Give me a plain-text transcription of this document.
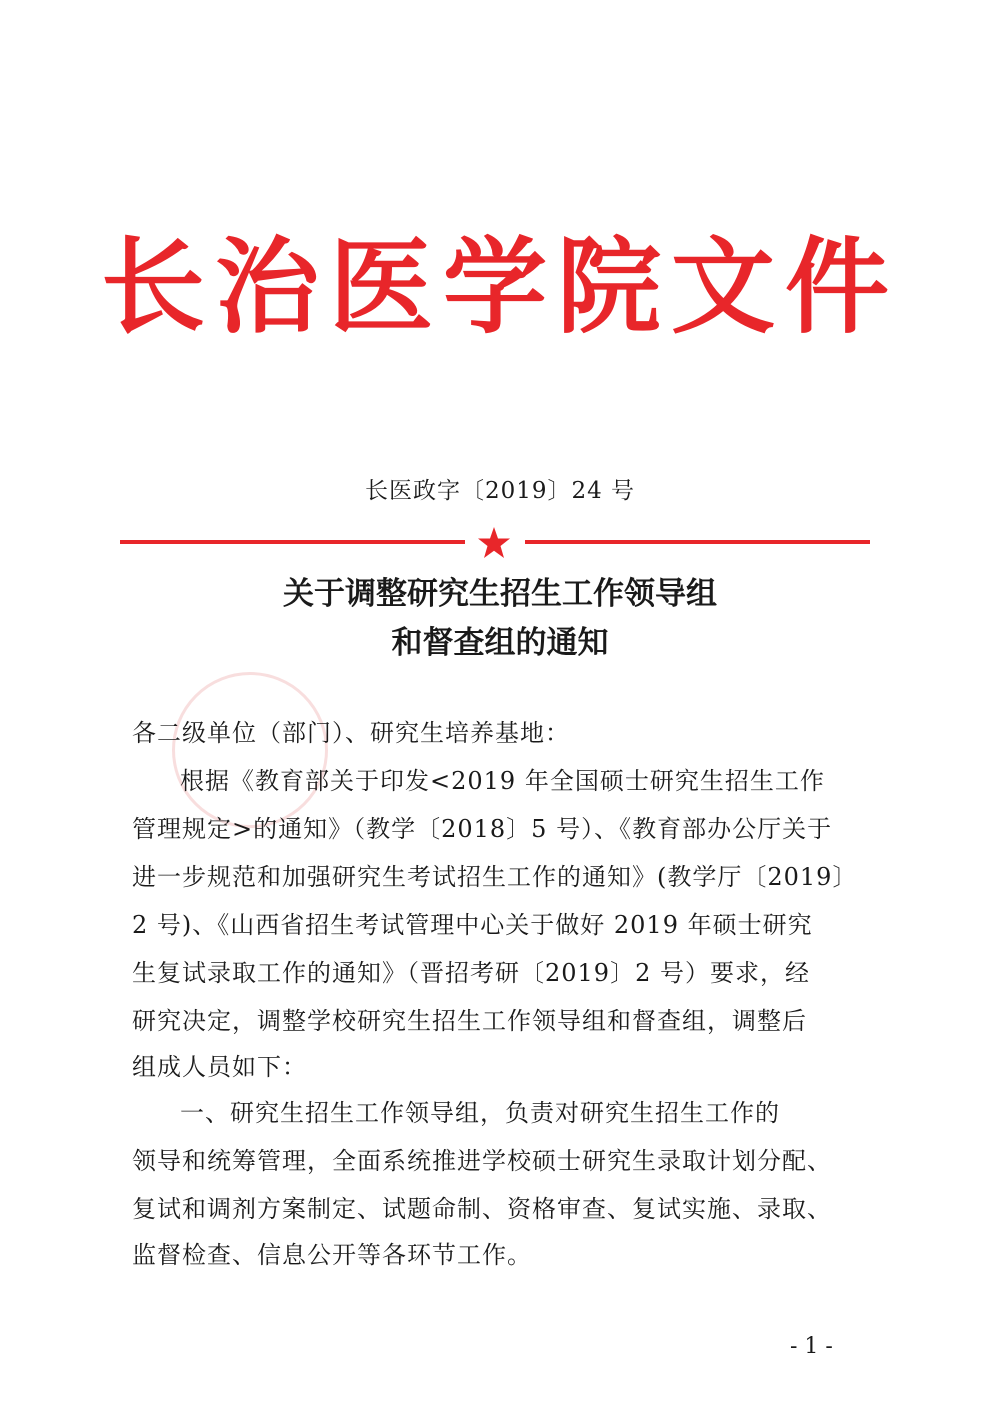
长治医学院文件
长医政字〔2019〕24 号
关于调整研究生招生工作领导组
和督查组的通知
各二级单位（部门）、研究生培养基地：
根据《教育部关于印发<2019 年全国硕士研究生招生工作
管理规定>的通知》（教学〔2018〕5 号）、《教育部办公厅关于
进一步规范和加强研究生考试招生工作的通知》(教学厅〔2019〕
2 号)、《山西省招生考试管理中心关于做好 2019 年硕士研究
生复试录取工作的通知》（晋招考研〔2019〕2 号）要求，经
研究决定，调整学校研究生招生工作领导组和督查组，调整后
组成人员如下：
一、研究生招生工作领导组，负责对研究生招生工作的
领导和统筹管理，全面系统推进学校硕士研究生录取计划分配、
复试和调剂方案制定、试题命制、资格审查、复试实施、录取、
监督检查、信息公开等各环节工作。
- 1 -
